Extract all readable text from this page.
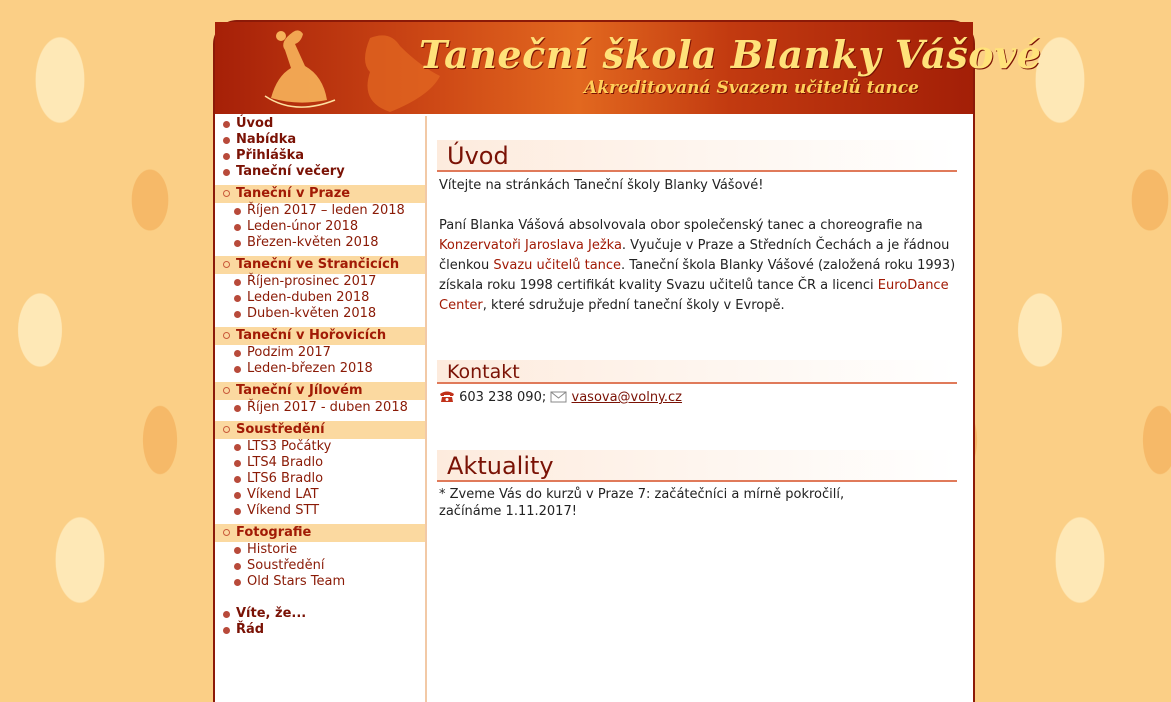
Taneční škola Blanky Vášové
Akreditovaná Svazem učitelů tance
Úvod
Nabídka
Přihláška
Taneční večery
Taneční v Praze
Říjen 2017 – leden 2018
Leden-únor 2018
Březen-květen 2018
Taneční ve Strančicích
Říjen-prosinec 2017
Leden-duben 2018
Duben-květen 2018
Taneční v Hořovicích
Podzim 2017
Leden-březen 2018
Taneční v Jílovém
Říjen 2017 - duben 2018
Soustředění
LTS3 Počátky
LTS4 Bradlo
LTS6 Bradlo
Víkend LAT
Víkend STT
Fotografie
Historie
Soustředění
Old Stars Team
Víte, že...
Řád
Úvod

Vítejte na stránkách Taneční školy Blanky Vášové!

Paní Blanka Vášová absolvovala obor společenský tanec a choreografie na Konzervatoři Jaroslava Ježka. Vyučuje v Praze a Středních Čechách a je řádnou členkou Svazu učitelů tance. Taneční škola Blanky Vášové (založená roku 1993) získala roku 1998 certifikát kvality Svazu učitelů tance ČR a licenci EuroDance Center, které sdružuje přední taneční školy v Evropě.

Kontakt

603 238 090; vasova@volny.cz

Aktuality

* Zveme Vás do kurzů v Praze 7: začátečníci a mírně pokročilí,

začínáme 1.11.2017!
